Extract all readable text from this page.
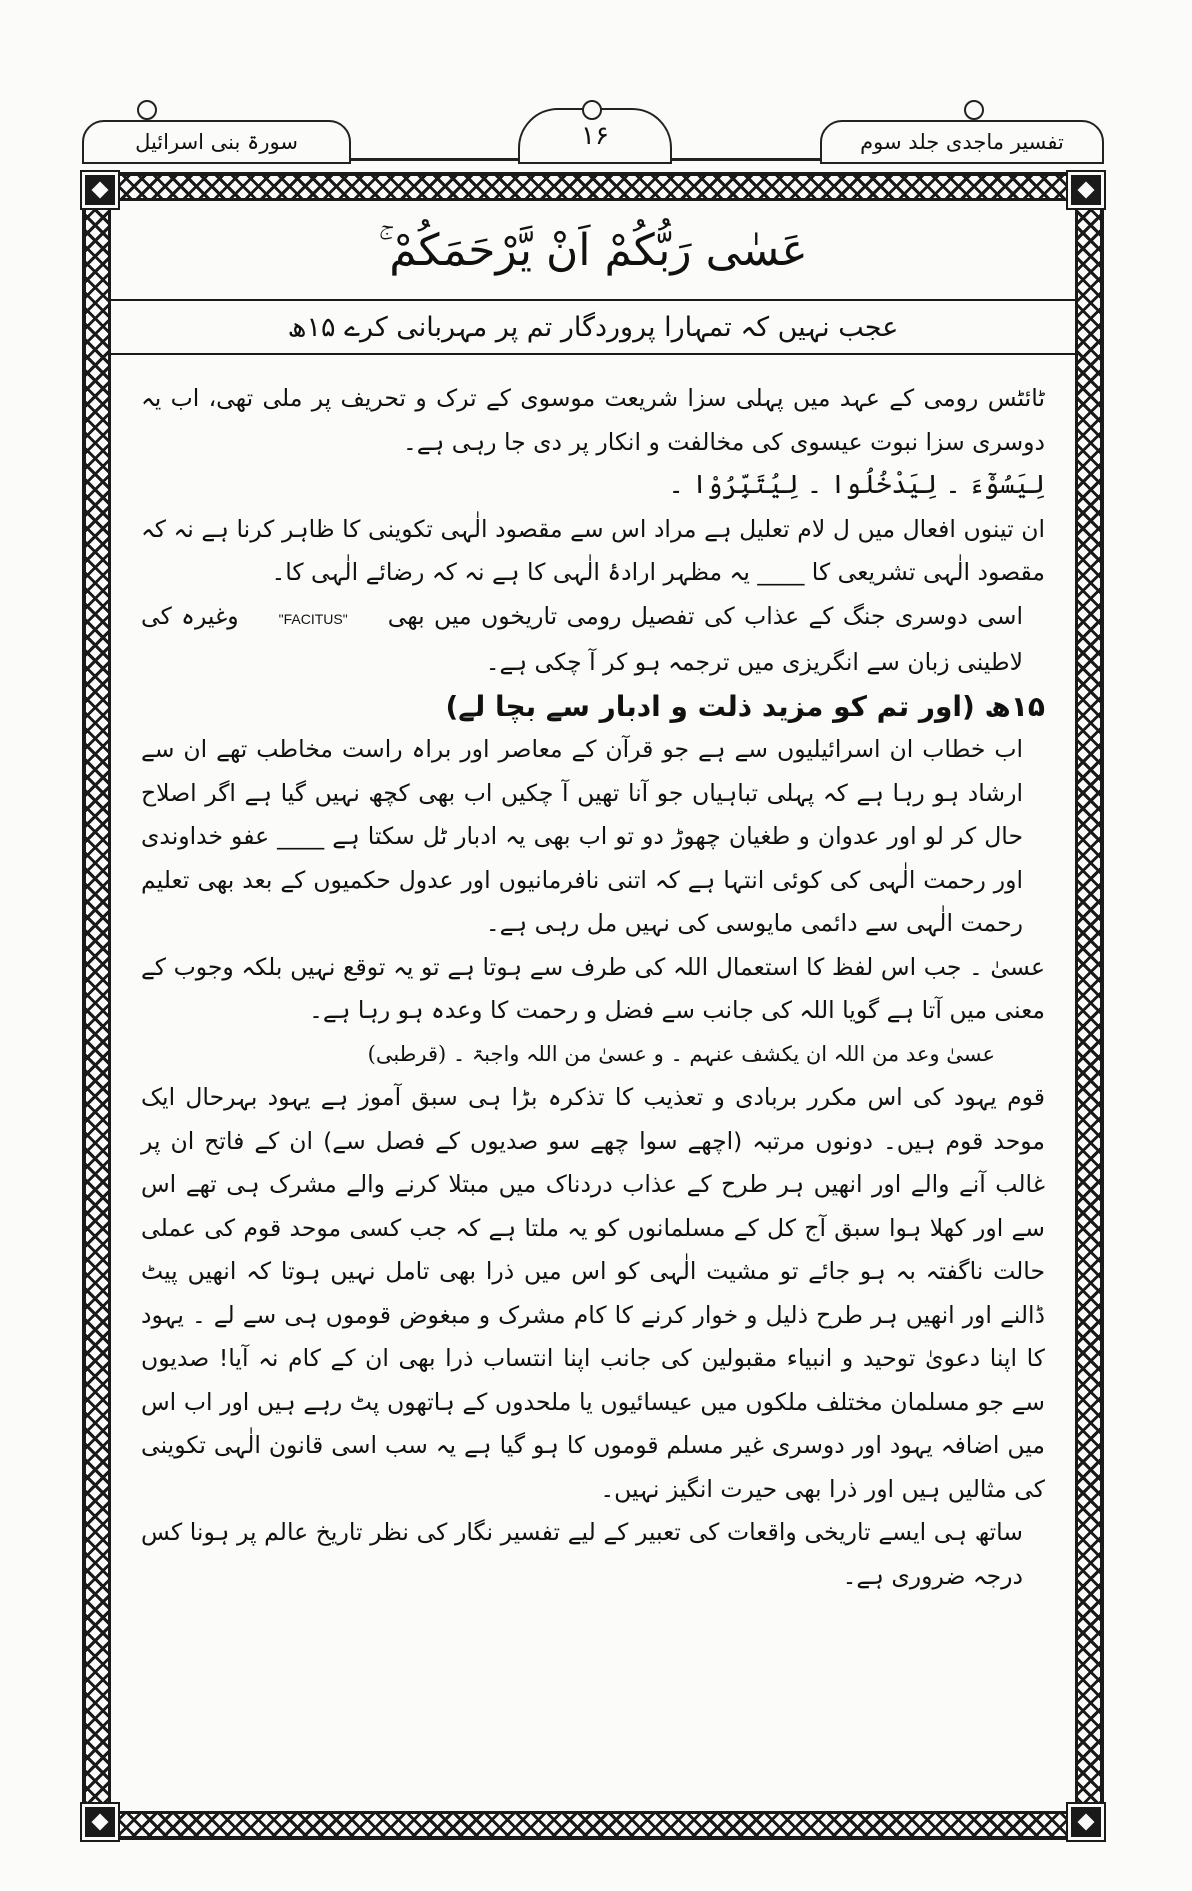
تفسیر ماجدی جلد سوم
۱۶
سورۃ بنی اسرائیل
عَسٰی رَبُّکُمْ اَنْ یَّرْحَمَکُمْ ۚ
عجب نہیں کہ تمہارا پروردگار تم پر مہربانی کرے ۱۵ھ

ٹائٹس رومی کے عہد میں پہلی سزا شریعت موسوی کے ترک و تحریف پر ملی تھی، اب یہ دوسری سزا نبوت عیسوی کی مخالفت و انکار پر دی جا رہی ہے۔

لِيَسُوْٓءَ ۔ لِيَدْخُلُوا ۔ لِيُتَبِّرُوْا ۔

ان تینوں افعال میں ل لام تعلیل ہے مراد اس سے مقصود الٰہی تکوینی کا ظاہر کرنا ہے نہ کہ مقصود الٰہی تشریعی کا ____ یہ مظہر ارادۂ الٰہی کا ہے نہ کہ رضائے الٰہی کا۔

اسی دوسری جنگ کے عذاب کی تفصیل رومی تاریخوں میں بھی"FACITUS"وغیرہ کی لاطینی زبان سے انگریزی میں ترجمہ ہو کر آ چکی ہے۔

۱۵ھ (اور تم کو مزید ذلت و ادبار سے بچا لے)

اب خطاب ان اسرائیلیوں سے ہے جو قرآن کے معاصر اور براہ راست مخاطب تھے ان سے ارشاد ہو رہا ہے کہ پہلی تباہیاں جو آنا تھیں آ چکیں اب بھی کچھ نہیں گیا ہے اگر اصلاح حال کر لو اور عدوان و طغیان چھوڑ دو تو اب بھی یہ ادبار ٹل سکتا ہے ____ عفو خداوندی اور رحمت الٰہی کی کوئی انتہا ہے کہ اتنی نافرمانیوں اور عدول حکمیوں کے بعد بھی تعلیم رحمت الٰہی سے دائمی مایوسی کی نہیں مل رہی ہے۔

عسیٰ ۔ جب اس لفظ کا استعمال اللہ کی طرف سے ہوتا ہے تو یہ توقع نہیں بلکہ وجوب کے معنی میں آتا ہے گویا اللہ کی جانب سے فضل و رحمت کا وعدہ ہو رہا ہے۔

عسیٰ وعد من اللہ ان یکشف عنہم ۔ و عسیٰ من اللہ واجبۃ ۔ (قرطبی)

قوم یہود کی اس مکرر بربادی و تعذیب کا تذکرہ بڑا ہی سبق آموز ہے یہود بہرحال ایک موحد قوم ہیں۔ دونوں مرتبہ (اچھے سوا چھے سو صدیوں کے فصل سے) ان کے فاتح ان پر غالب آنے والے اور انھیں ہر طرح کے عذاب دردناک میں مبتلا کرنے والے مشرک ہی تھے اس سے اور کھلا ہوا سبق آج کل کے مسلمانوں کو یہ ملتا ہے کہ جب کسی موحد قوم کی عملی حالت ناگفتہ بہ ہو جائے تو مشیت الٰہی کو اس میں ذرا بھی تامل نہیں ہوتا کہ انھیں پیٹ ڈالنے اور انھیں ہر طرح ذلیل و خوار کرنے کا کام مشرک و مبغوض قوموں ہی سے لے ۔ یہود کا اپنا دعویٰ توحید و انبیاء مقبولین کی جانب اپنا انتساب ذرا بھی ان کے کام نہ آیا! صدیوں سے جو مسلمان مختلف ملکوں میں عیسائیوں یا ملحدوں کے ہاتھوں پٹ رہے ہیں اور اب اس میں اضافہ یہود اور دوسری غیر مسلم قوموں کا ہو گیا ہے یہ سب اسی قانون الٰہی تکوینی کی مثالیں ہیں اور ذرا بھی حیرت انگیز نہیں۔

ساتھ ہی ایسے تاریخی واقعات کی تعبیر کے لیے تفسیر نگار کی نظر تاریخ عالم پر ہونا کس درجہ ضروری ہے۔
